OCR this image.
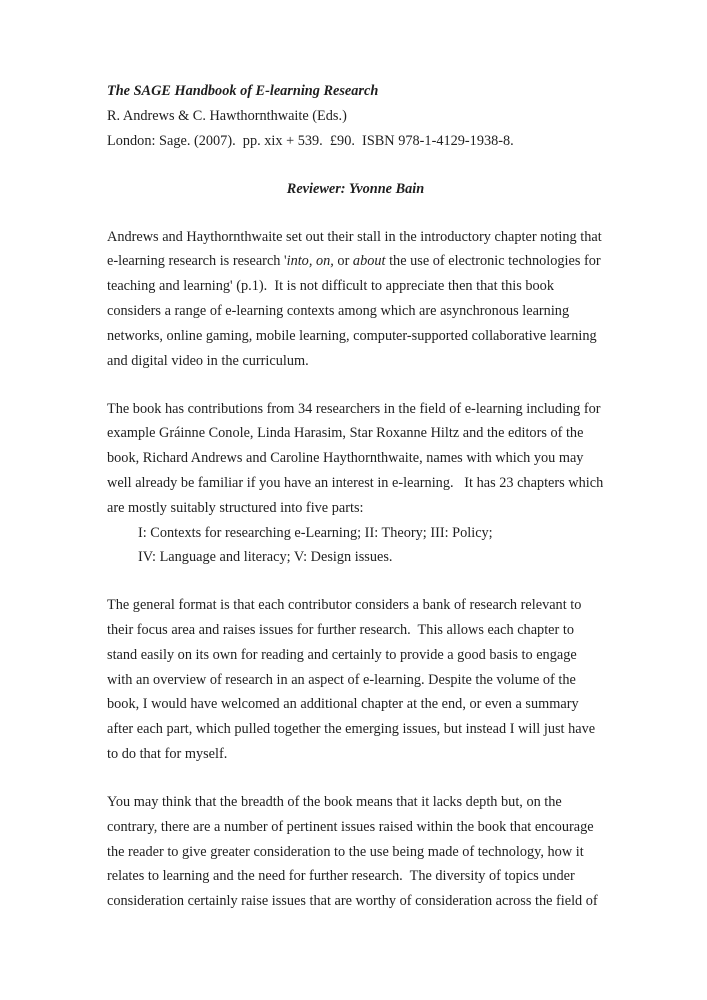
The SAGE Handbook of E-learning Research
R. Andrews & C. Hawthornthwaite (Eds.)
London: Sage. (2007).  pp. xix + 539.  £90.  ISBN 978-1-4129-1938-8.
Reviewer: Yvonne Bain

Andrews and Haythornthwaite set out their stall in the introductory chapter noting that e-learning research is research 'into, on, or about the use of electronic technologies for teaching and learning' (p.1).  It is not difficult to appreciate then that this book considers a range of e-learning contexts among which are asynchronous learning networks, online gaming, mobile learning, computer-supported collaborative learning and digital video in the curriculum.

The book has contributions from 34 researchers in the field of e-learning including for example Gráinne Conole, Linda Harasim, Star Roxanne Hiltz and the editors of the book, Richard Andrews and Caroline Haythornthwaite, names with which you may well already be familiar if you have an interest in e-learning.   It has 23 chapters which are mostly suitably structured into five parts:
I: Contexts for researching e-Learning; II: Theory; III: Policy;
IV: Language and literacy; V: Design issues.

The general format is that each contributor considers a bank of research relevant to their focus area and raises issues for further research.  This allows each chapter to stand easily on its own for reading and certainly to provide a good basis to engage with an overview of research in an aspect of e-learning. Despite the volume of the book, I would have welcomed an additional chapter at the end, or even a summary after each part, which pulled together the emerging issues, but instead I will just have to do that for myself.

You may think that the breadth of the book means that it lacks depth but, on the contrary, there are a number of pertinent issues raised within the book that encourage the reader to give greater consideration to the use being made of technology, how it relates to learning and the need for further research.  The diversity of topics under consideration certainly raise issues that are worthy of consideration across the field of
